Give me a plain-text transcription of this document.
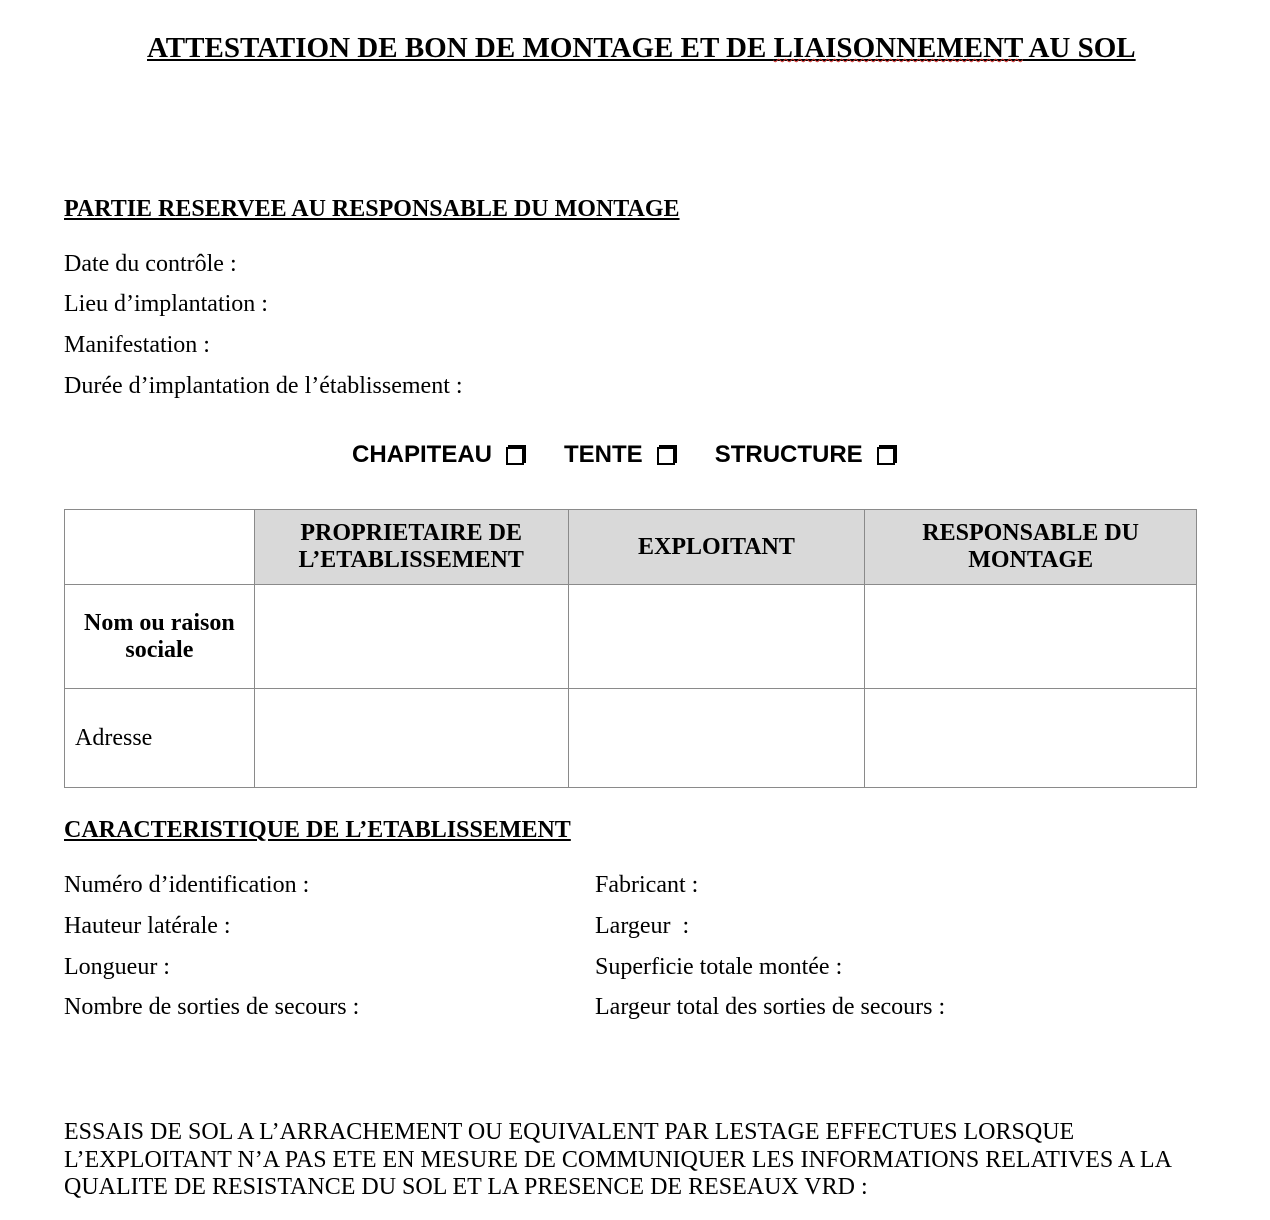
ATTESTATION DE BON DE MONTAGE ET DE LIAISONNEMENT AU SOL
PARTIE RESERVEE AU RESPONSABLE DU MONTAGE
Date du contrôle :
Lieu d’implantation :
Manifestation :
Durée d’implantation de l’établissement :
CHAPITEAU	TENTE	STRUCTURE
	PROPRIETAIRE DE L’ETABLISSEMENT	EXPLOITANT	RESPONSABLE DU MONTAGE
Nom ou raison sociale			
Adresse			
CARACTERISTIQUE DE L’ETABLISSEMENT
Numéro d’identification :
Hauteur latérale :
Longueur :
Nombre de sorties de secours :
Fabricant :
Largeur  :
Superficie totale montée :
Largeur total des sorties de secours :
ESSAIS DE SOL A L’ARRACHEMENT OU EQUIVALENT PAR LESTAGE EFFECTUES LORSQUE L’EXPLOITANT N’A PAS ETE EN MESURE DE COMMUNIQUER LES INFORMATIONS RELATIVES A LA QUALITE DE RESISTANCE DU SOL ET LA PRESENCE DE RESEAUX VRD :
